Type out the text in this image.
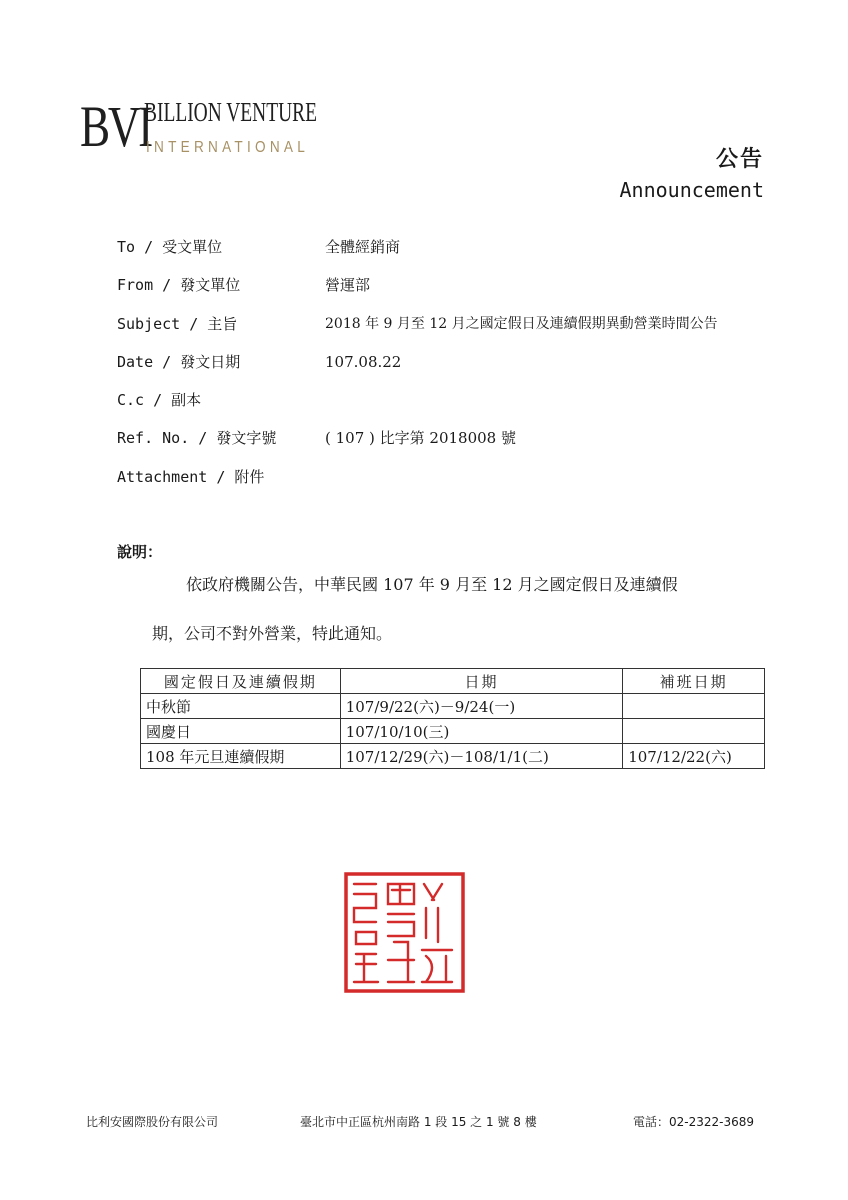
BVI
BILLION VENTURE
INTERNATIONAL	公告
Announcement
To / 受文單位	全體經銷商
From / 發文單位	營運部
Subject / 主旨	2018 年 9 月至 12 月之國定假日及連續假期異動營業時間公告
Date / 發文日期	107.08.22
C.c / 副本
Ref. No. / 發文字號	( 107 ) 比字第 2018008 號
Attachment / 附件
說明：
依政府機關公告，中華民國 107 年 9 月至 12 月之國定假日及連續假
期，公司不對外營業，特此通知。
國定假日及連續假期	日期	補班日期
中秋節	107/9/22(六)－9/24(一)	
國慶日	107/10/10(三)	
108 年元旦連續假期	107/12/29(六)－108/1/1(二)	107/12/22(六)
比利安國際股份有限公司	臺北市中正區杭州南路 1 段 15 之 1 號 8 樓	電話：02-2322-3689
